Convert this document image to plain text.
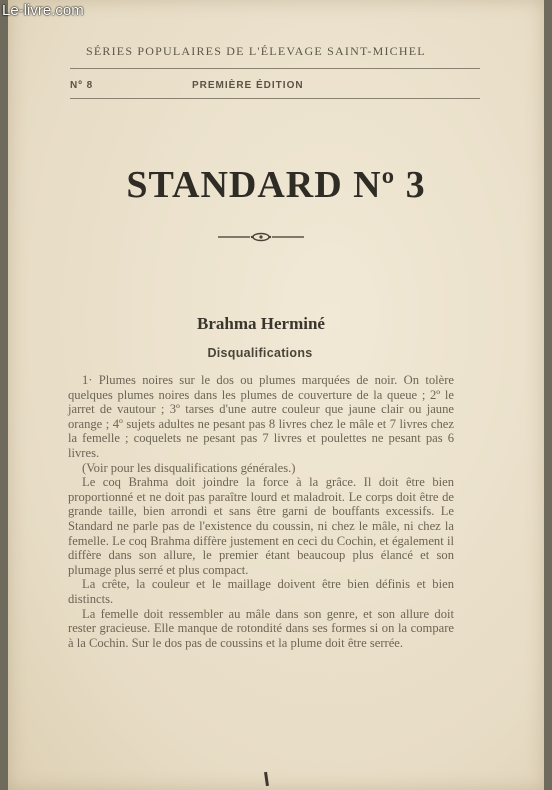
Le-livre.com
SÉRIES POPULAIRES DE L'ÉLEVAGE SAINT-MICHEL
Nº 8	PREMIÈRE ÉDITION
STANDARD Nº 3
Brahma Herminé
Disqualifications

1· Plumes noires sur le dos ou plumes marquées de noir. On tolère quelques plumes noires dans les plumes de couverture de la queue ; 2º le jarret de vautour ; 3º tarses d'une autre couleur que jaune clair ou jaune orange ; 4º sujets adultes ne pesant pas 8 livres chez le mâle et 7 livres chez la femelle ; coquelets ne pesant pas 7 livres et poulettes ne pesant pas 6 livres.

(Voir pour les disqualifications générales.)

Le coq Brahma doit joindre la force à la grâce. Il doit être bien proportionné et ne doit pas paraître lourd et maladroit. Le corps doit être de grande taille, bien arrondi et sans être garni de bouffants excessifs. Le Standard ne parle pas de l'existence du coussin, ni chez le mâle, ni chez la femelle. Le coq Brahma diffère justement en ceci du Cochin, et également il diffère dans son allure, le premier étant beaucoup plus élancé et son plumage plus serré et plus compact.

La crête, la couleur et le maillage doivent être bien définis et bien distincts.

La femelle doit ressembler au mâle dans son genre, et son allure doit rester gracieuse. Elle manque de rotondité dans ses formes si on la compare à la Cochin. Sur le dos pas de coussins et la plume doit être serrée.
